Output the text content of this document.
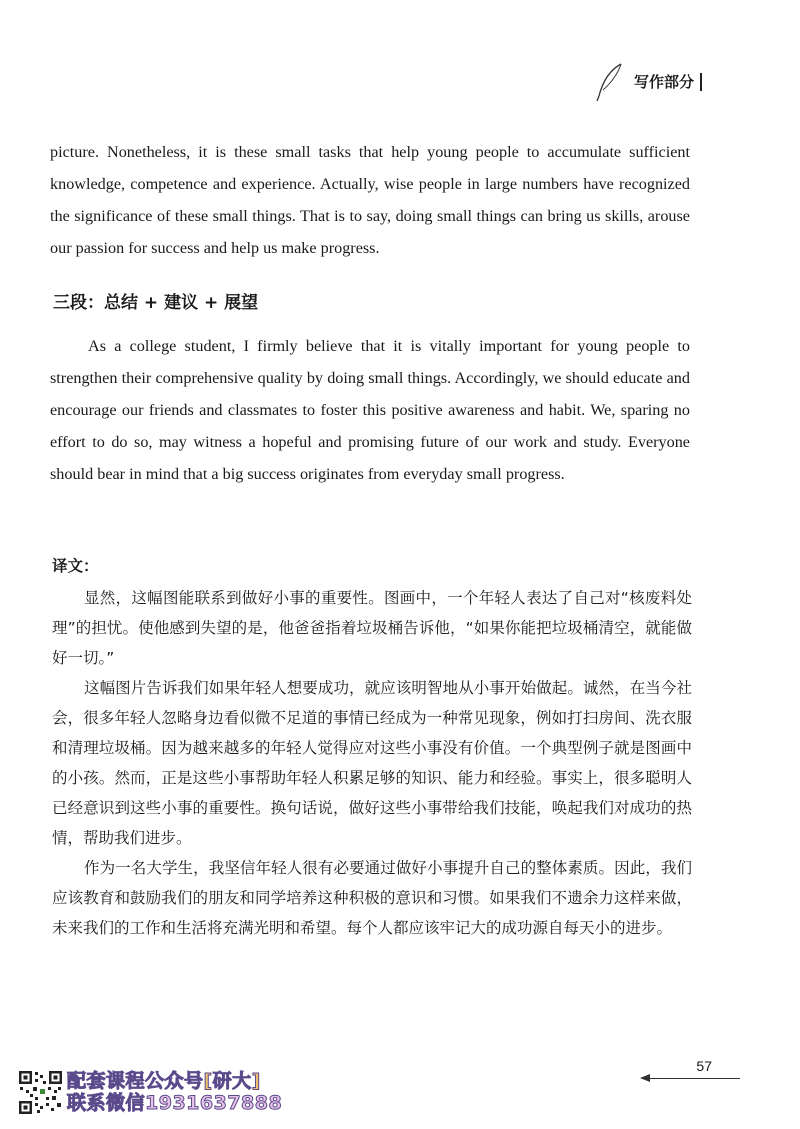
写作部分

picture. Nonetheless, it is these small tasks that help young people to accumulate sufficient knowledge, competence and experience. Actually, wise people in large numbers have recognized the significance of these small things. That is to say, doing small things can bring us skills, arouse our passion for success and help us make progress.

三段：总结 + 建议 + 展望

As a college student, I firmly believe that it is vitally important for young people to strengthen their comprehensive quality by doing small things. Accordingly, we should educate and encourage our friends and classmates to foster this positive awareness and habit. We, sparing no effort to do so, may witness a hopeful and promising future of our work and study. Everyone should bear in mind that a big success originates from everyday small progress.

译文：

显然，这幅图能联系到做好小事的重要性。图画中，一个年轻人表达了自己对“核废料处理”的担忧。使他感到失望的是，他爸爸指着垃圾桶告诉他，“如果你能把垃圾桶清空，就能做好一切。”

这幅图片告诉我们如果年轻人想要成功，就应该明智地从小事开始做起。诚然，在当今社会，很多年轻人忽略身边看似微不足道的事情已经成为一种常见现象，例如打扫房间、洗衣服和清理垃圾桶。因为越来越多的年轻人觉得应对这些小事没有价值。一个典型例子就是图画中的小孩。然而，正是这些小事帮助年轻人积累足够的知识、能力和经验。事实上，很多聪明人已经意识到这些小事的重要性。换句话说，做好这些小事带给我们技能，唤起我们对成功的热情，帮助我们进步。

作为一名大学生，我坚信年轻人很有必要通过做好小事提升自己的整体素质。因此，我们应该教育和鼓励我们的朋友和同学培养这种积极的意识和习惯。如果我们不遗余力这样来做，未来我们的工作和生活将充满光明和希望。每个人都应该牢记大的成功源自每天小的进步。

57
配套课程公众号[研大]
联系微信1931637888
